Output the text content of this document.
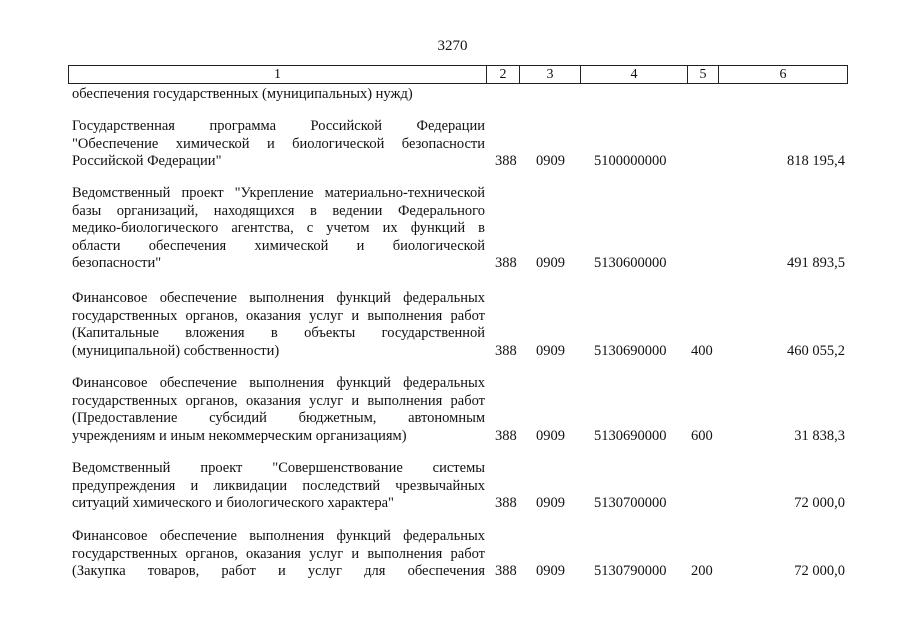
3270
1	2	3	4	5	6
обеспечения государственных (муниципальных) нужд)
Государственная программа Российской Федерации
"Обеспечение химической и биологической безопасности
Российской Федерации"	388 0909 5100000000	818 195,4
Ведомственный проект "Укрепление материально-технической
базы организаций, находящихся в ведении Федерального
медико-биологического агентства, с учетом их функций в
области обеспечения химической и биологической
безопасности"	388 0909 5130600000	491 893,5
Финансовое обеспечение выполнения функций федеральных
государственных органов, оказания услуг и выполнения работ
(Капитальные вложения в объекты государственной
(муниципальной) собственности)	388 0909 5130690000 400	460 055,2
Финансовое обеспечение выполнения функций федеральных
государственных органов, оказания услуг и выполнения работ
(Предоставление субсидий бюджетным, автономным
учреждениям и иным некоммерческим организациям)	388 0909 5130690000 600	31 838,3
Ведомственный проект "Совершенствование системы
предупреждения и ликвидации последствий чрезвычайных
ситуаций химического и биологического характера"	388 0909 5130700000	72 000,0
Финансовое обеспечение выполнения функций федеральных
государственных органов, оказания услуг и выполнения работ
(Закупка товаров, работ и услуг для обеспечения 388 0909 5130790000 200	72 000,0
